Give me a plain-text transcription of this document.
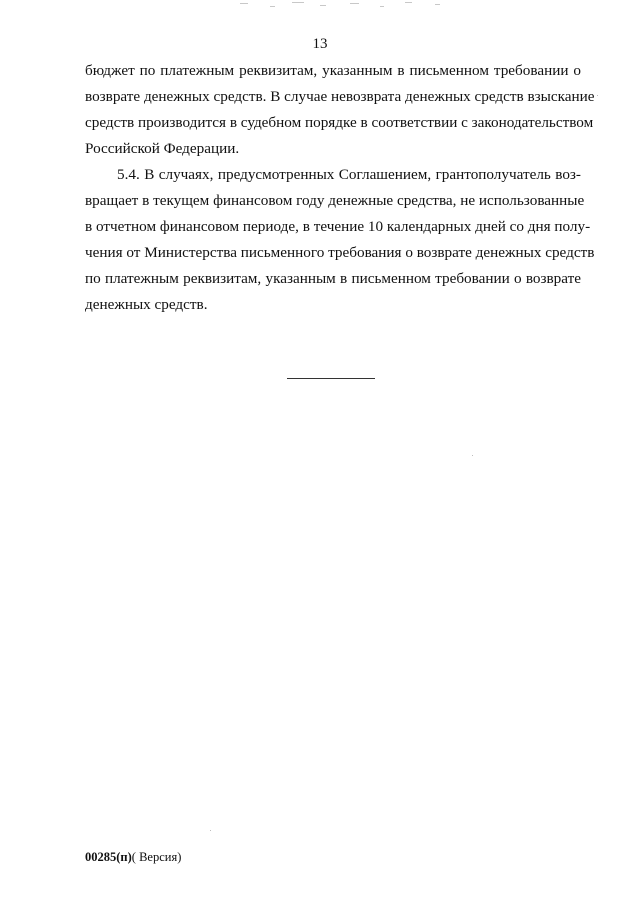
13
бюджет по платежным реквизитам, указанным в письменном требовании о
возврате денежных средств. В случае невозврата денежных средств взыскание
средств производится в судебном порядке в соответствии с законодательством
Российской Федерации.
5.4. В случаях, предусмотренных Соглашением, грантополучатель воз-
вращает в текущем финансовом году денежные средства, не использованные
в отчетном финансовом периоде, в течение 10 календарных дней со дня полу-
чения от Министерства письменного требования о возврате денежных средств
по платежным реквизитам, указанным в письменном требовании о возврате
денежных средств.
00285(п)( Версия)
